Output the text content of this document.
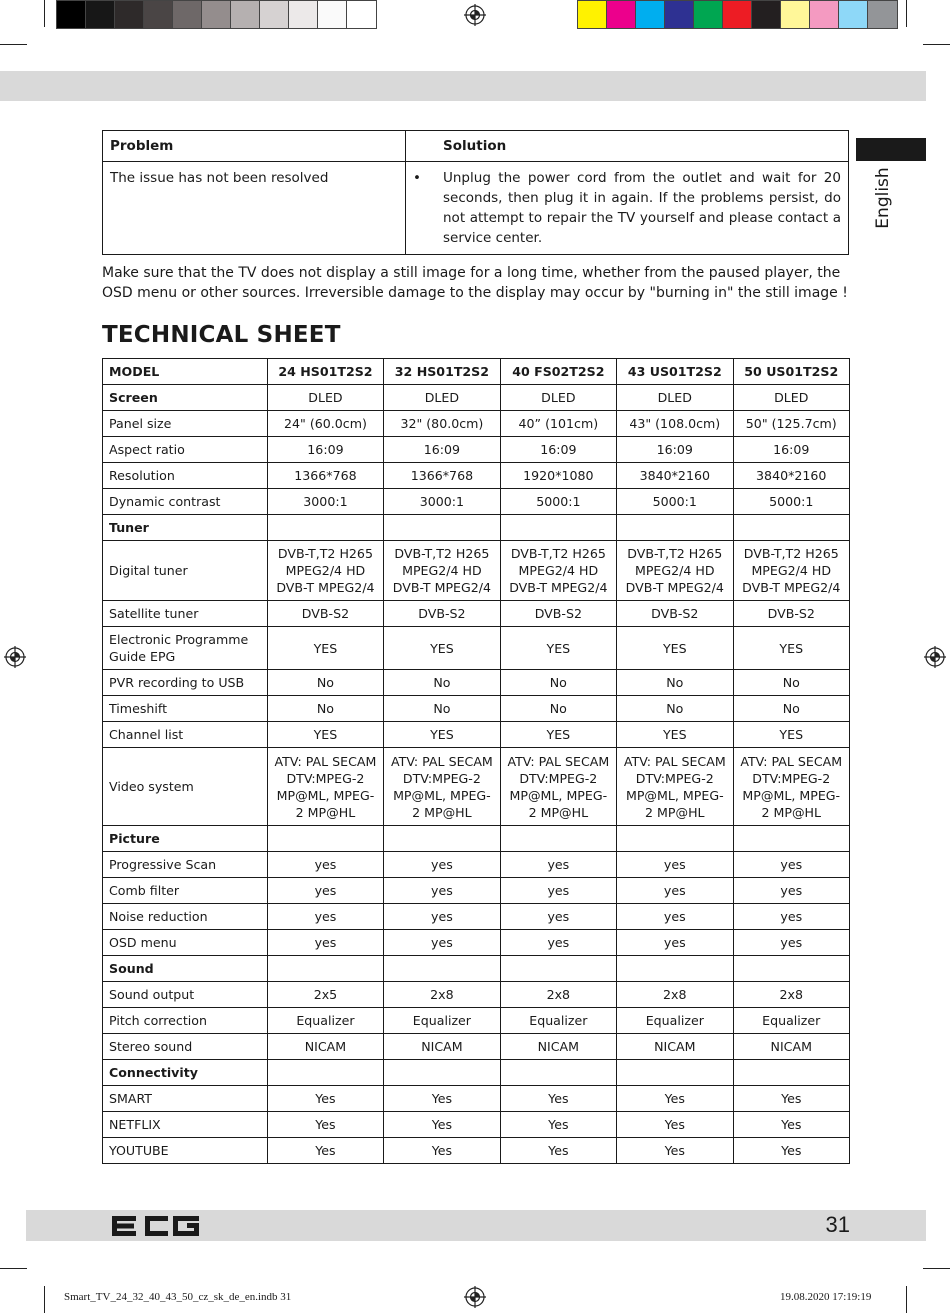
English
Problem	Solution
The issue has not been resolved	• Unplug the power cord from the outlet and wait for 20 seconds, then plug it in again. If the problems persist, do not attempt to repair the TV yourself and please contact a service center.

Make sure that the TV does not display a still image for a long time, whether from the paused player, the OSD menu or other sources. Irreversible damage to the display may occur by "burning in" the still image !

TECHNICAL SHEET
MODEL	24 HS01T2S2	32 HS01T2S2	40 FS02T2S2	43 US01T2S2	50 US01T2S2
Screen	DLED	DLED	DLED	DLED	DLED
Panel size	24" (60.0cm)	32" (80.0cm)	40” (101cm)	43" (108.0cm)	50" (125.7cm)
Aspect ratio	16:09	16:09	16:09	16:09	16:09
Resolution	1366*768	1366*768	1920*1080	3840*2160	3840*2160
Dynamic contrast	3000:1	3000:1	5000:1	5000:1	5000:1
Tuner					
Digital tuner	DVB-T,T2 H265
MPEG2/4 HD
DVB-T MPEG2/4	DVB-T,T2 H265
MPEG2/4 HD
DVB-T MPEG2/4	DVB-T,T2 H265
MPEG2/4 HD
DVB-T MPEG2/4	DVB-T,T2 H265
MPEG2/4 HD
DVB-T MPEG2/4	DVB-T,T2 H265
MPEG2/4 HD
DVB-T MPEG2/4
Satellite tuner	DVB-S2	DVB-S2	DVB-S2	DVB-S2	DVB-S2
Electronic Programme
Guide EPG	YES	YES	YES	YES	YES
PVR recording to USB	No	No	No	No	No
Timeshift	No	No	No	No	No
Channel list	YES	YES	YES	YES	YES
Video system	ATV: PAL SECAM
DTV:MPEG-2
MP@ML, MPEG-
2 MP@HL	ATV: PAL SECAM
DTV:MPEG-2
MP@ML, MPEG-
2 MP@HL	ATV: PAL SECAM
DTV:MPEG-2
MP@ML, MPEG-
2 MP@HL	ATV: PAL SECAM
DTV:MPEG-2
MP@ML, MPEG-
2 MP@HL	ATV: PAL SECAM
DTV:MPEG-2
MP@ML, MPEG-
2 MP@HL
Picture					
Progressive Scan	yes	yes	yes	yes	yes
Comb filter	yes	yes	yes	yes	yes
Noise reduction	yes	yes	yes	yes	yes
OSD menu	yes	yes	yes	yes	yes
Sound					
Sound output	2x5	2x8	2x8	2x8	2x8
Pitch correction	Equalizer	Equalizer	Equalizer	Equalizer	Equalizer
Stereo sound	NICAM	NICAM	NICAM	NICAM	NICAM
Connectivity					
SMART	Yes	Yes	Yes	Yes	Yes
NETFLIX	Yes	Yes	Yes	Yes	Yes
YOUTUBE	Yes	Yes	Yes	Yes	Yes
31
Smart_TV_24_32_40_43_50_cz_sk_de_en.indb 31	19.08.2020 17:19:19
